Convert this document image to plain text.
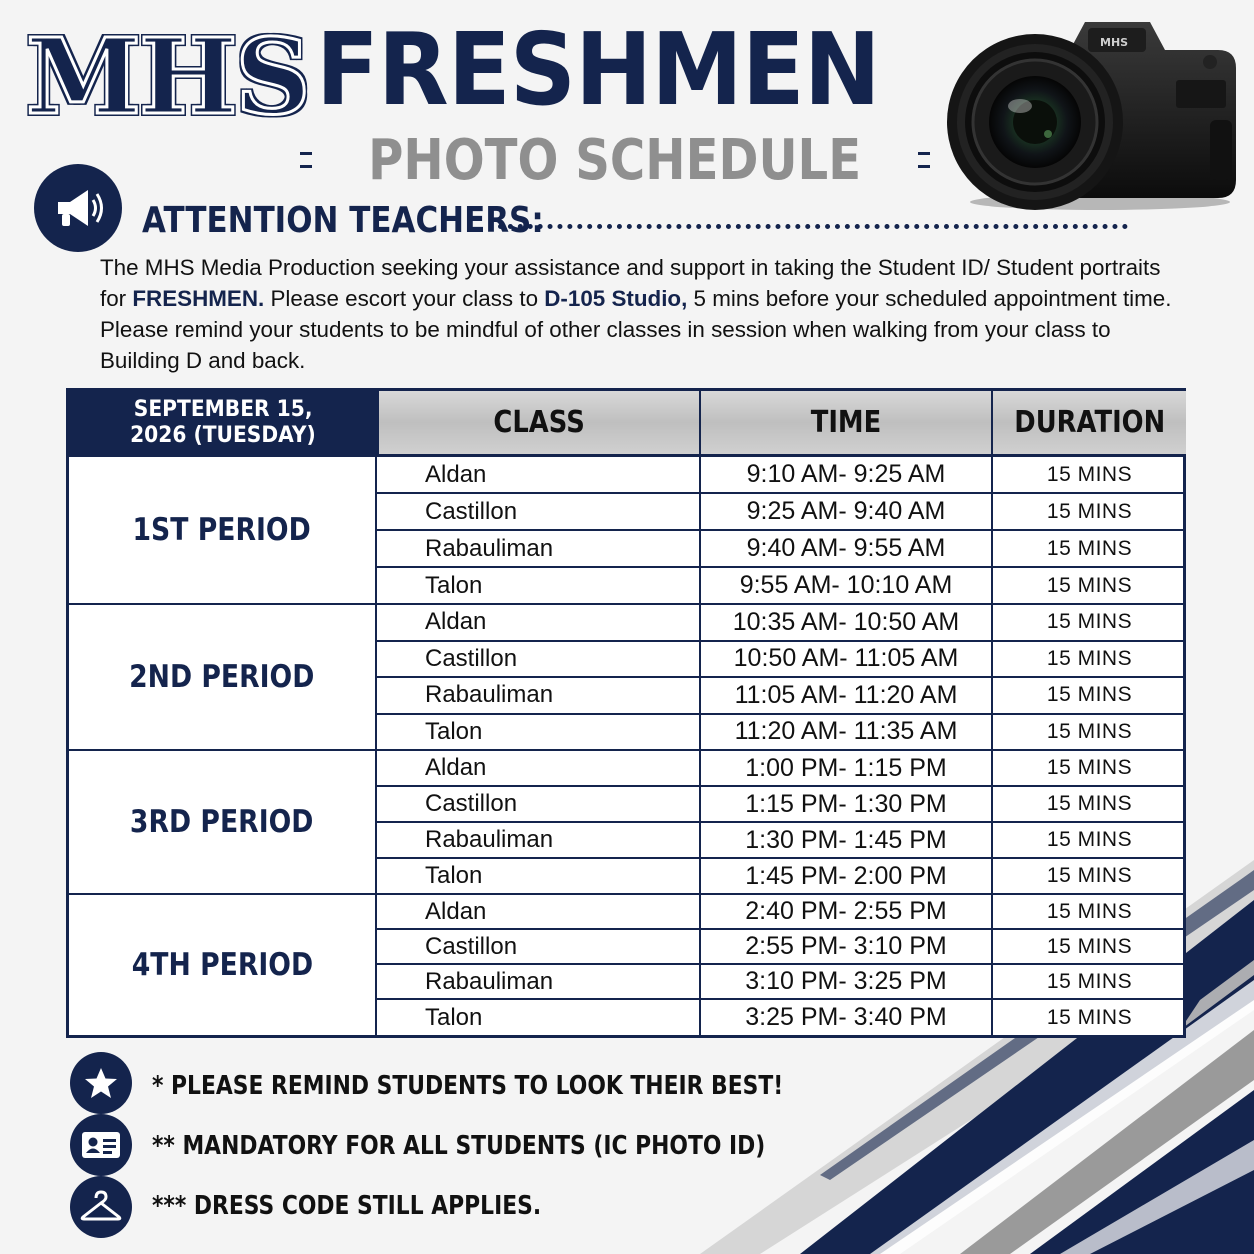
MHS FRESHMEN
PHOTO SCHEDULE
MHS
ATTENTION TEACHERS:
The MHS Media Production seeking your assistance and support in taking the Student ID/ Student portraits for FRESHMEN. Please escort your class to D-105 Studio, 5 mins before your scheduled appointment time. Please remind your students to be mindful of other classes in session when walking from your class to Building D and back.
SEPTEMBER 15,
2026 (TUESDAY)	CLASS	TIME	DURATION
1ST PERIOD
Aldan	9:10 AM- 9:25 AM	15 MINS
Castillon	9:25 AM- 9:40 AM	15 MINS
Rabauliman	9:40 AM- 9:55 AM	15 MINS
Talon	9:55 AM- 10:10 AM	15 MINS
2ND PERIOD
Aldan	10:35 AM- 10:50 AM	15 MINS
Castillon	10:50 AM- 11:05 AM	15 MINS
Rabauliman	11:05 AM- 11:20 AM	15 MINS
Talon	11:20 AM- 11:35 AM	15 MINS
3RD PERIOD
Aldan	1:00 PM- 1:15 PM	15 MINS
Castillon	1:15 PM- 1:30 PM	15 MINS
Rabauliman	1:30 PM- 1:45 PM	15 MINS
Talon	1:45 PM- 2:00 PM	15 MINS
4TH PERIOD
Aldan	2:40 PM- 2:55 PM	15 MINS
Castillon	2:55 PM- 3:10 PM	15 MINS
Rabauliman	3:10 PM- 3:25 PM	15 MINS
Talon	3:25 PM- 3:40 PM	15 MINS
* PLEASE REMIND STUDENTS TO LOOK THEIR BEST!
** MANDATORY FOR ALL STUDENTS (IC PHOTO ID)
*** DRESS CODE STILL APPLIES.
